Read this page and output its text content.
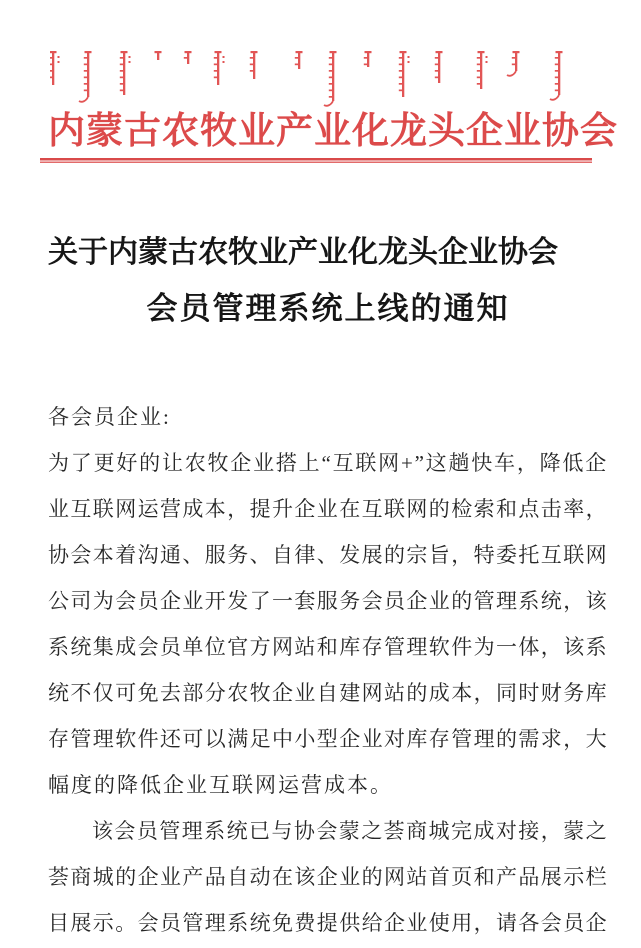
内蒙古农牧业产业化龙头企业协会
关于内蒙古农牧业产业化龙头企业协会
会员管理系统上线的通知
各会员企业:
为了更好的让农牧企业搭上“互联网+”这趟快车，降低企
业互联网运营成本，提升企业在互联网的检索和点击率，
协会本着沟通、服务、自律、发展的宗旨，特委托互联网
公司为会员企业开发了一套服务会员企业的管理系统，该
系统集成会员单位官方网站和库存管理软件为一体，该系
统不仅可免去部分农牧企业自建网站的成本，同时财务库
存管理软件还可以满足中小型企业对库存管理的需求，大
幅度的降低企业互联网运营成本。
该会员管理系统已与协会蒙之荟商城完成对接，蒙之
荟商城的企业产品自动在该企业的网站首页和产品展示栏
目展示。会员管理系统免费提供给企业使用，请各会员企
